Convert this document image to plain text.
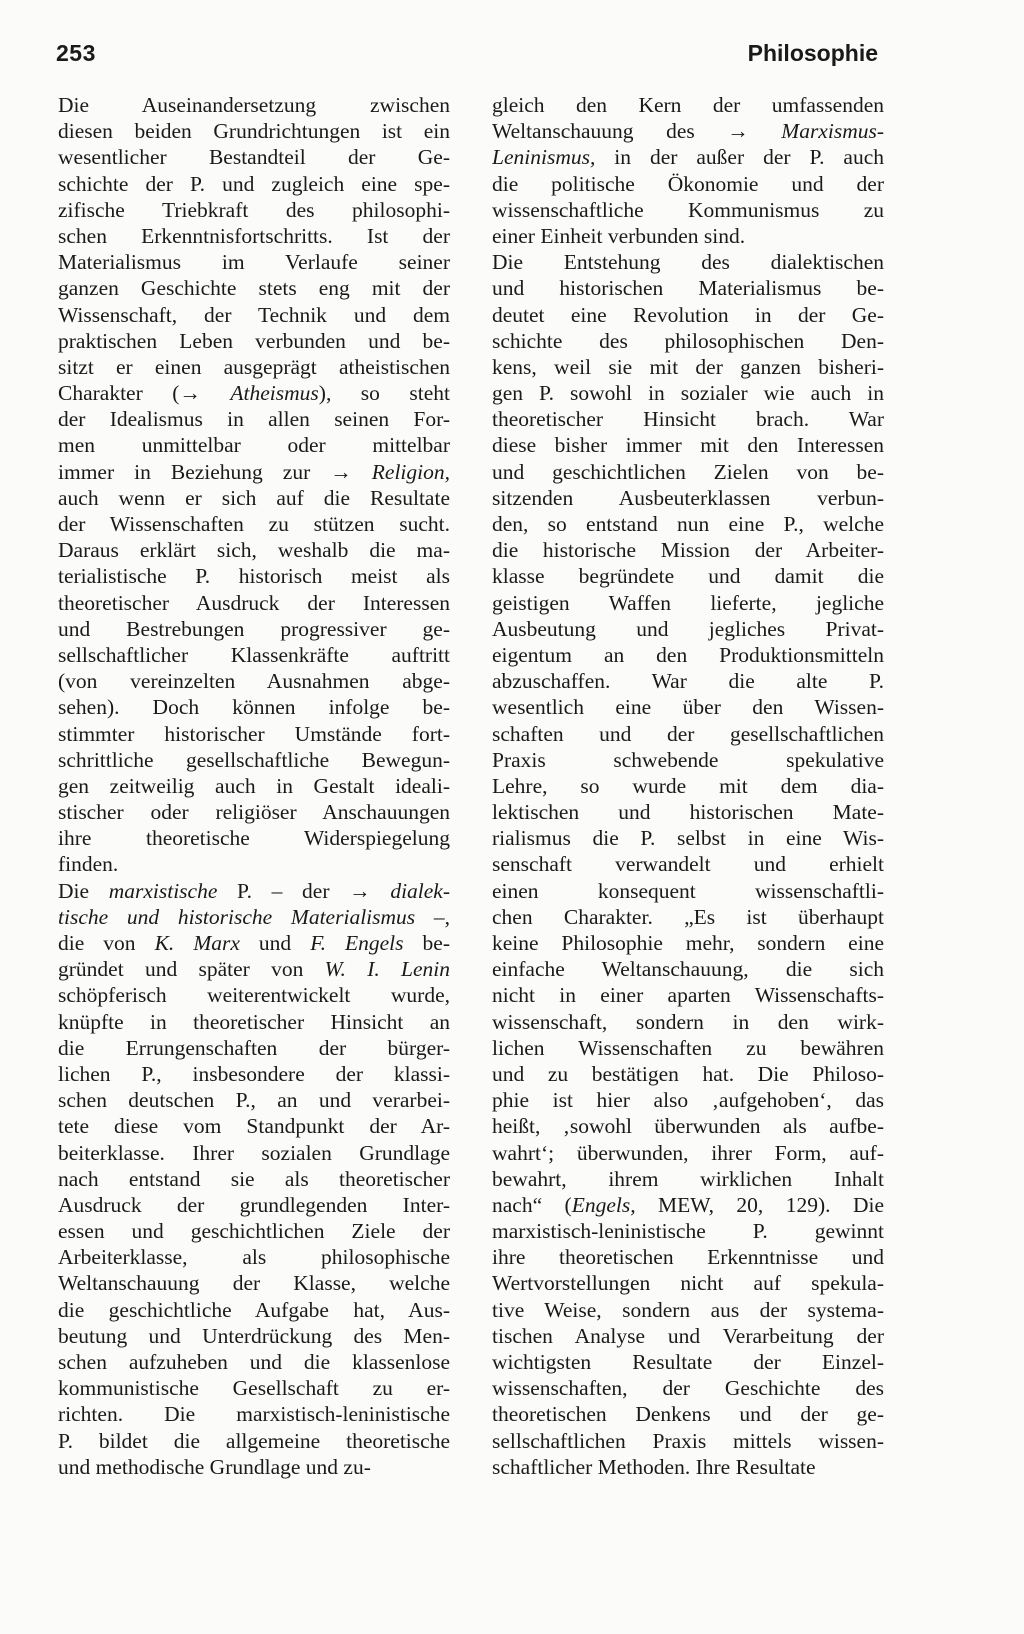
253	Philosophie
Die Auseinandersetzung zwischen
diesen beiden Grundrichtungen ist ein
wesentlicher Bestandteil der Ge-
schichte der P. und zugleich eine spe-
zifische Triebkraft des philosophi-
schen Erkenntnisfortschritts. Ist der
Materialismus im Verlaufe seiner
ganzen Geschichte stets eng mit der
Wissenschaft, der Technik und dem
praktischen Leben verbunden und be-
sitzt er einen ausgeprägt atheistischen
Charakter (→ Atheismus), so steht
der Idealismus in allen seinen For-
men unmittelbar oder mittelbar
immer in Beziehung zur → Religion,
auch wenn er sich auf die Resultate
der Wissenschaften zu stützen sucht.
Daraus erklärt sich, weshalb die ma-
terialistische P. historisch meist als
theoretischer Ausdruck der Interessen
und Bestrebungen progressiver ge-
sellschaftlicher Klassenkräfte auftritt
(von vereinzelten Ausnahmen abge-
sehen). Doch können infolge be-
stimmter historischer Umstände fort-
schrittliche gesellschaftliche Bewegun-
gen zeitweilig auch in Gestalt ideali-
stischer oder religiöser Anschauungen
ihre theoretische Widerspiegelung
finden.
Die marxistische P. – der → dialek-
tische und historische Materialismus –,
die von K. Marx und F. Engels be-
gründet und später von W. I. Lenin
schöpferisch weiterentwickelt wurde,
knüpfte in theoretischer Hinsicht an
die Errungenschaften der bürger-
lichen P., insbesondere der klassi-
schen deutschen P., an und verarbei-
tete diese vom Standpunkt der Ar-
beiterklasse. Ihrer sozialen Grundlage
nach entstand sie als theoretischer
Ausdruck der grundlegenden Inter-
essen und geschichtlichen Ziele der
Arbeiterklasse, als philosophische
Weltanschauung der Klasse, welche
die geschichtliche Aufgabe hat, Aus-
beutung und Unterdrückung des Men-
schen aufzuheben und die klassenlose
kommunistische Gesellschaft zu er-
richten. Die marxistisch-leninistische
P. bildet die allgemeine theoretische
und methodische Grundlage und zu-
gleich den Kern der umfassenden
Weltanschauung des → Marxismus-
Leninismus, in der außer der P. auch
die politische Ökonomie und der
wissenschaftliche Kommunismus zu
einer Einheit verbunden sind.
Die Entstehung des dialektischen
und historischen Materialismus be-
deutet eine Revolution in der Ge-
schichte des philosophischen Den-
kens, weil sie mit der ganzen bisheri-
gen P. sowohl in sozialer wie auch in
theoretischer Hinsicht brach. War
diese bisher immer mit den Interessen
und geschichtlichen Zielen von be-
sitzenden Ausbeuterklassen verbun-
den, so entstand nun eine P., welche
die historische Mission der Arbeiter-
klasse begründete und damit die
geistigen Waffen lieferte, jegliche
Ausbeutung und jegliches Privat-
eigentum an den Produktionsmitteln
abzuschaffen. War die alte P.
wesentlich eine über den Wissen-
schaften und der gesellschaftlichen
Praxis schwebende spekulative
Lehre, so wurde mit dem dia-
lektischen und historischen Mate-
rialismus die P. selbst in eine Wis-
senschaft verwandelt und erhielt
einen konsequent wissenschaftli-
chen Charakter. „Es ist überhaupt
keine Philosophie mehr, sondern eine
einfache Weltanschauung, die sich
nicht in einer aparten Wissenschafts-
wissenschaft, sondern in den wirk-
lichen Wissenschaften zu bewähren
und zu bestätigen hat. Die Philoso-
phie ist hier also ‚aufgehoben‘, das
heißt, ‚sowohl überwunden als aufbe-
wahrt‘; überwunden, ihrer Form, auf-
bewahrt, ihrem wirklichen Inhalt
nach“ (Engels, MEW, 20, 129). Die
marxistisch-leninistische P. gewinnt
ihre theoretischen Erkenntnisse und
Wertvorstellungen nicht auf spekula-
tive Weise, sondern aus der systema-
tischen Analyse und Verarbeitung der
wichtigsten Resultate der Einzel-
wissenschaften, der Geschichte des
theoretischen Denkens und der ge-
sellschaftlichen Praxis mittels wissen-
schaftlicher Methoden. Ihre Resultate
